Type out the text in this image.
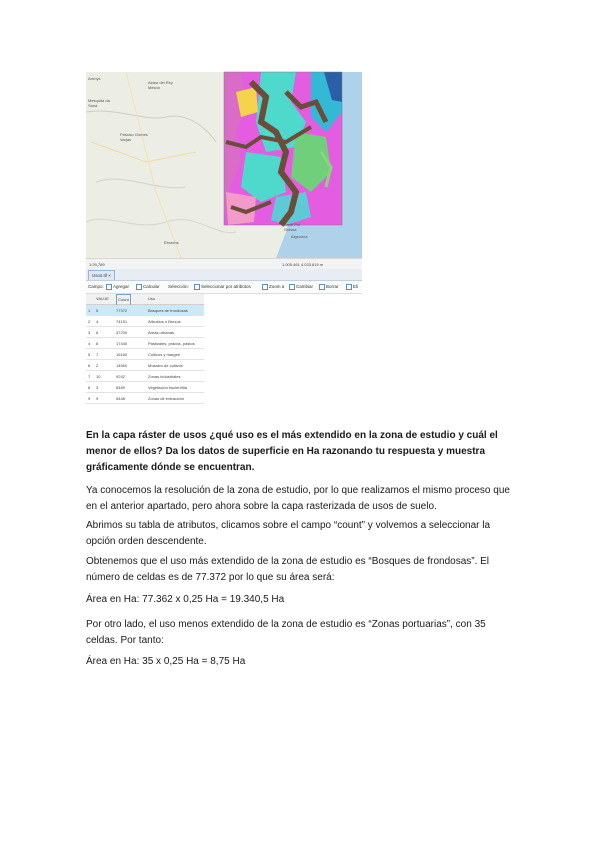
Arenys
Aldea del Rey
Mesón
Mesquita da
Sana
Paraíso Gomes
Varjas
Ebrachs
Santi Pol
Guissa
Algecirca
1:29,789	1.005.461 4.033.819 m
Usos.tif ×
Campo: Agregar	Calcular Selección:	Seleccionar por atributos	Zoom a	Cambiar	Borrar	Eli
VALUE	Count	Uso
1 5	77372	Bosques de frondosas
2 4	74151	Arbustos o Brezos
3 6	37230	Áreas urbanas
4 8	17440	Pastizales, prados, pastos
5 7	16160	Cultivos y margen
6 2	14560	Mosaico de cultivos
7 10	9242	Zonas industriales
8 3	8489	Vegetación esclerófila
9 9	5448	Zonas de extracción

En la capa ráster de usos ¿qué uso es el más extendido en la zona de estudio y cuál el menor de ellos? Da los datos de superficie en Ha razonando tu respuesta y muestra gráficamente dónde se encuentran.

Ya conocemos la resolución de la zona de estudio, por lo que realizamos el mismo proceso que en el anterior apartado, pero ahora sobre la capa rasterizada de usos de suelo.

Abrimos su tabla de atributos, clicamos sobre el campo “count” y volvemos a seleccionar la opción orden descendente.

Obtenemos que el uso más extendido de la zona de estudio es “Bosques de frondosas”. El número de celdas es de 77.372 por lo que su área será:

Área en Ha: 77.362 x 0,25 Ha = 19.340,5 Ha

Por otro lado, el uso menos extendido de la zona de estudio es “Zonas portuarias”, con 35 celdas. Por tanto:

Área en Ha: 35 x 0,25 Ha = 8,75 Ha
